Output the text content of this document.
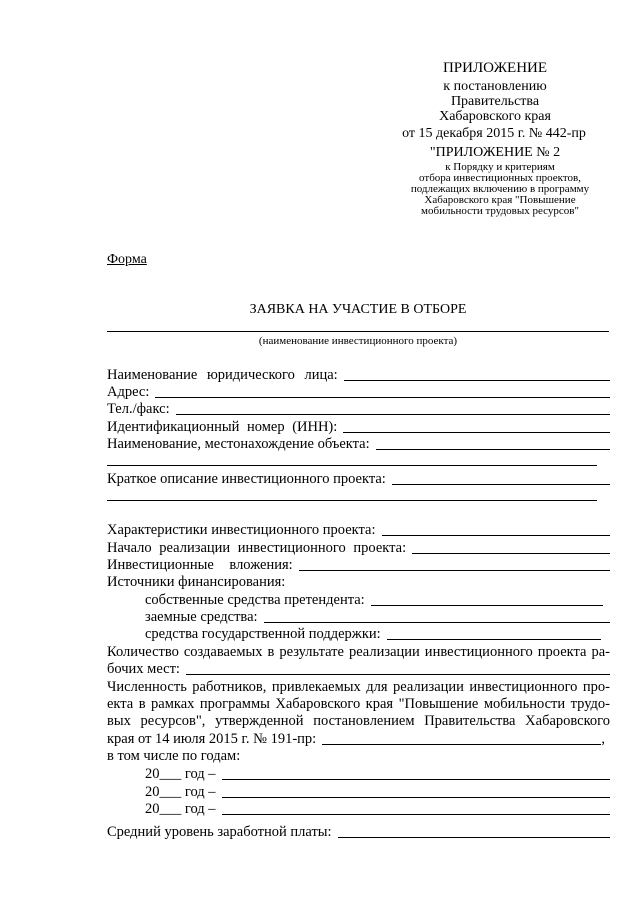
ПРИЛОЖЕНИЕ
к постановлению
Правительства
Хабаровского края
от 15 декабря 2015 г. № 442-пр
"ПРИЛОЖЕНИЕ № 2
к Порядку и критериям
отбора инвестиционных проектов,
подлежащих включению в программу
Хабаровского края "Повышение
мобильности трудовых ресурсов"
Форма
ЗАЯВКА НА УЧАСТИЕ В ОТБОРЕ
(наименование инвестиционного проекта)
Наименование юридического лица:
Адрес:
Тел./факс:
Идентификационный номер (ИНН):
Наименование, местонахождение объекта:
Краткое описание инвестиционного проекта:
Характеристики инвестиционного проекта:
Начало реализации инвестиционного проекта:
Инвестиционные вложения:
Источники финансирования:
собственные средства претендента:
заемные средства:
средства государственной поддержки:
Количество создаваемых в результате реализации инвестиционного проекта ра-
бочих мест:
Численность работников, привлекаемых для реализации инвестиционного про-
екта в рамках программы Хабаровского края "Повышение мобильности трудо-
вых ресурсов", утвержденной постановлением Правительства Хабаровского
края от 14 июля 2015 г. № 191-пр:	,
в том числе по годам:
20___ год –
20___ год –
20___ год –
Средний уровень заработной платы:
